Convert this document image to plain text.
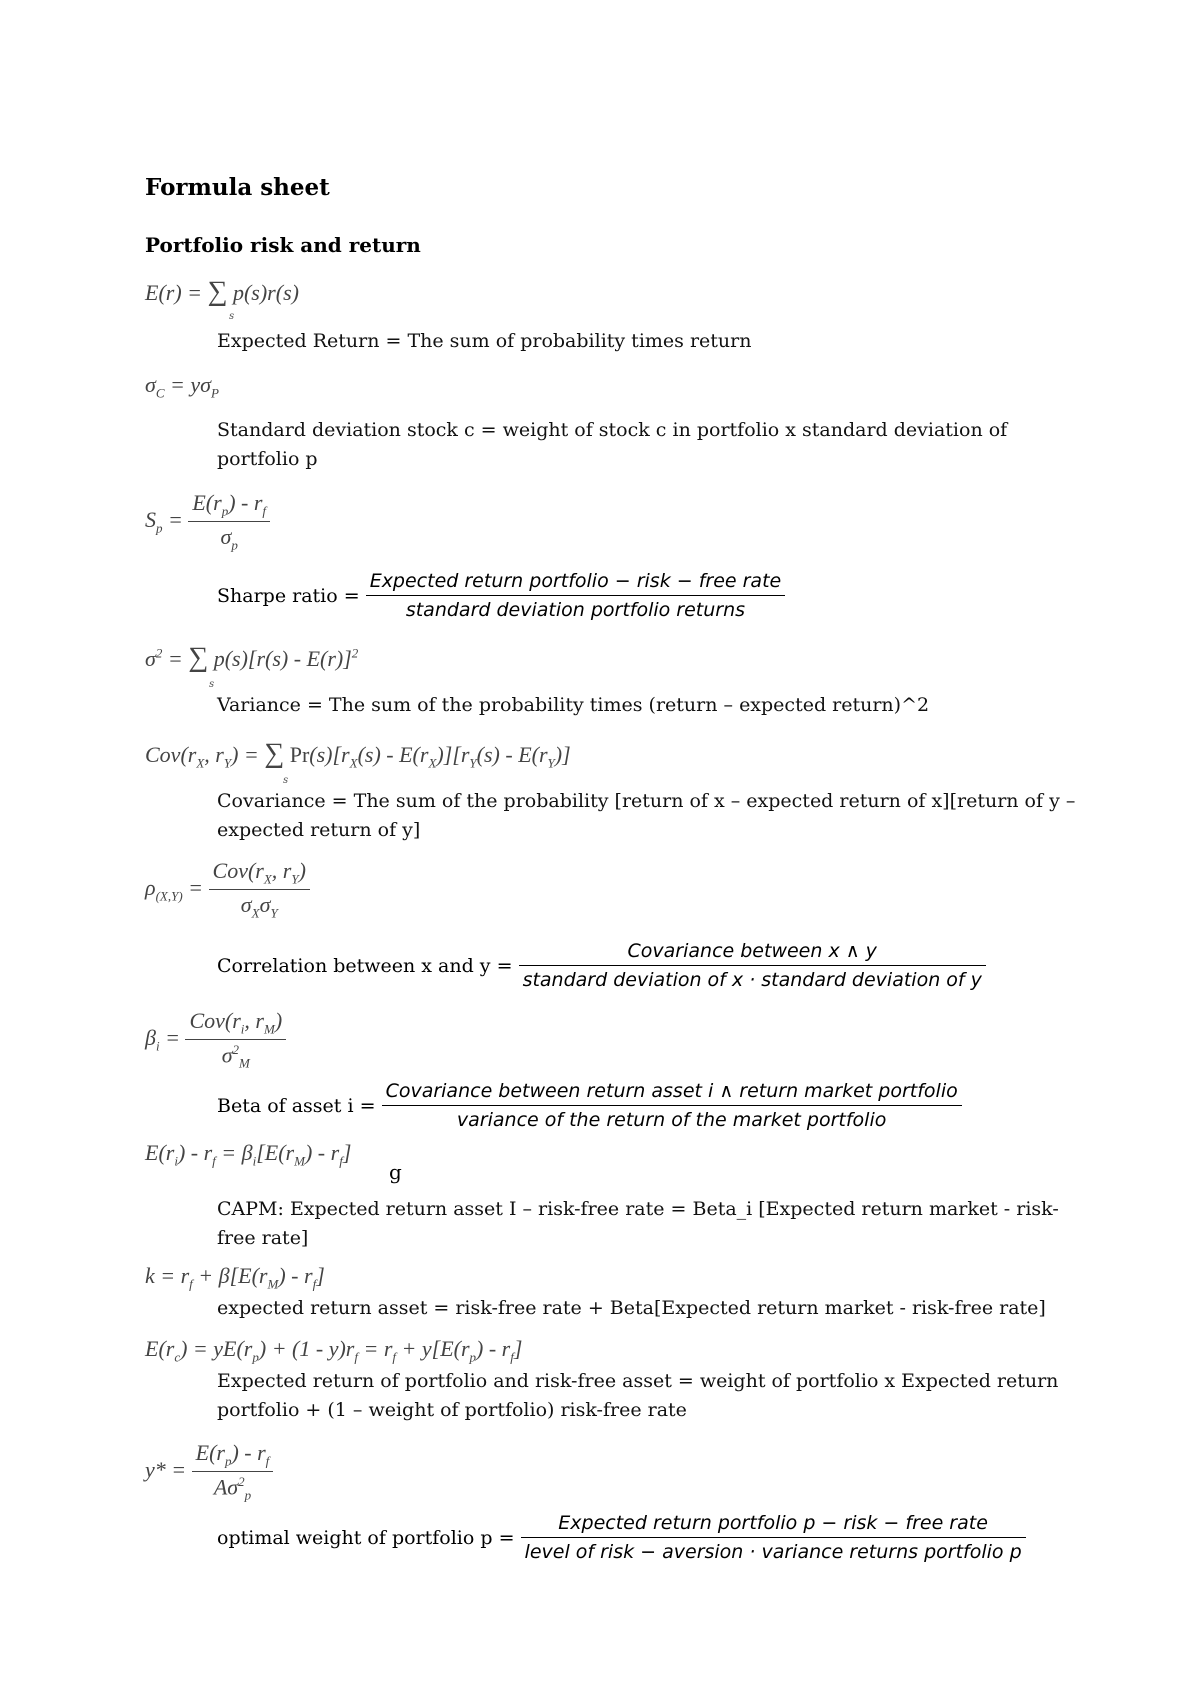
Formula sheet
Portfolio risk and return
E(r) = ∑ p(s)r(s)
s

Expected Return = The sum of probability times return

$\sigma_C = y\sigma_P$

Standard deviation stock c = weight of stock c in portfolio x standard deviation of portfolio p

$S_p = \frac{E(r_p) - r_f}{\sigma_p}$
Sharpe ratio = $\frac{\text{Expected return portfolio − risk − free rate}}{\text{standard deviation portfolio returns}}$
$\sigma^2$ = ∑ p(s)[r(s) - E(r)]$^2$
s

Variance = The sum of the probability times (return – expected return)^2

$Cov(r_X$, $r_Y$) = ∑ $Pr(s)[r_X(s) - E(r_X)][r_Y(s) - E(r_Y)]$
s

Covariance = The sum of the probability [return of x – expected return of x][return of y – expected return of y]

$\rho_{(X,Y)} = \frac{Cov(r_X, r_Y)}{\sigma_X\sigma_Y}$
Correlation between x and $y = \frac{\text{Covariance between x ∧ y}}{\text{standard deviation of x · standard deviation of y}}$
$\beta_i = \frac{Cov(r_i, r_M)}{\sigma^2_M}$
Beta of asset $i = \frac{\text{Covariance between return asset i ∧ return market portfolio}}{\text{variance of the return of the market portfolio}}$
$E(r_i) - r_f = \beta_i[E(r_M) - r_f]$
g

CAPM: Expected return asset I – risk-free rate = Beta_i [Expected return market - risk-free rate]

$k = r_f + \beta[E(r_M) - r_f]$

expected return asset = risk-free rate + Beta[Expected return market - risk-free rate]

$E(r_c) = yE(r_p) + (1 - y)r_f = r_f + y[E(r_p) - r_f]$

Expected return of portfolio and risk-free asset = weight of portfolio x Expected return portfolio + (1 – weight of portfolio) risk-free rate

$y* = \frac{E(r_p) - r_f}{A\sigma^2_p}$
optimal weight of portfolio $p = \frac{\text{Expected return portfolio p − risk − free rate}}{\text{level of risk − aversion · variance returns portfolio p}}$
